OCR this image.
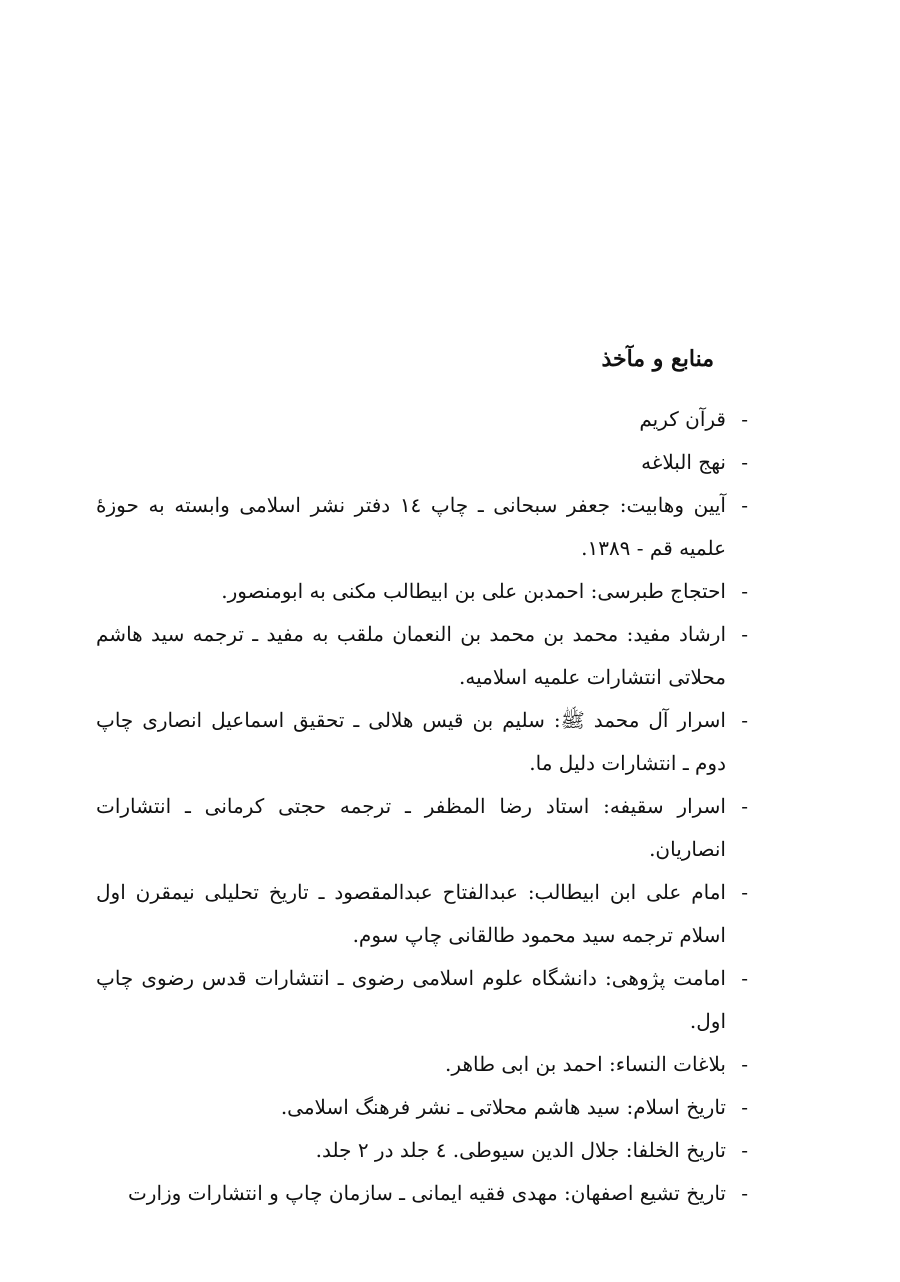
منابع و مآخذ
-
قرآن کریم
-
نهج البلاغه
-
آیین وهابیت: جعفر سبحانی ـ چاپ ١٤ دفتر نشر اسلامی وابسته به حوزۀ علمیه قم - ۱۳۸۹.
-
احتجاج طبرسی: احمدبن علی بن ابیطالب مکنی به ابومنصور.
-
ارشاد مفید: محمد بن محمد بن النعمان ملقب به مفید ـ ترجمه سید هاشم محلاتی انتشارات علمیه اسلامیه.
-
اسرار آل محمد ﷺ: سلیم بن قیس هلالی ـ تحقیق اسماعیل انصاری چاپ دوم ـ انتشارات دلیل ما.
-
اسرار سقیفه: استاد رضا المظفر ـ ترجمه حجتی کرمانی ـ انتشارات انصاریان.
-
امام علی ابن ابیطالب: عبدالفتاح عبدالمقصود ـ تاریخ تحلیلی نیمقرن اول اسلام ترجمه سید محمود طالقانی چاپ سوم.
-
امامت پژوهی: دانشگاه علوم اسلامی رضوی ـ انتشارات قدس رضوی چاپ اول.
-
بلاغات النساء: احمد بن ابی طاهر.
-
تاریخ اسلام: سید هاشم محلاتی ـ نشر فرهنگ اسلامی.
-
تاریخ الخلفا: جلال الدین سیوطی. ٤ جلد در ٢ جلد.
-
تاریخ تشیع اصفهان: مهدی فقیه ایمانی ـ سازمان چاپ و انتشارات وزارت
